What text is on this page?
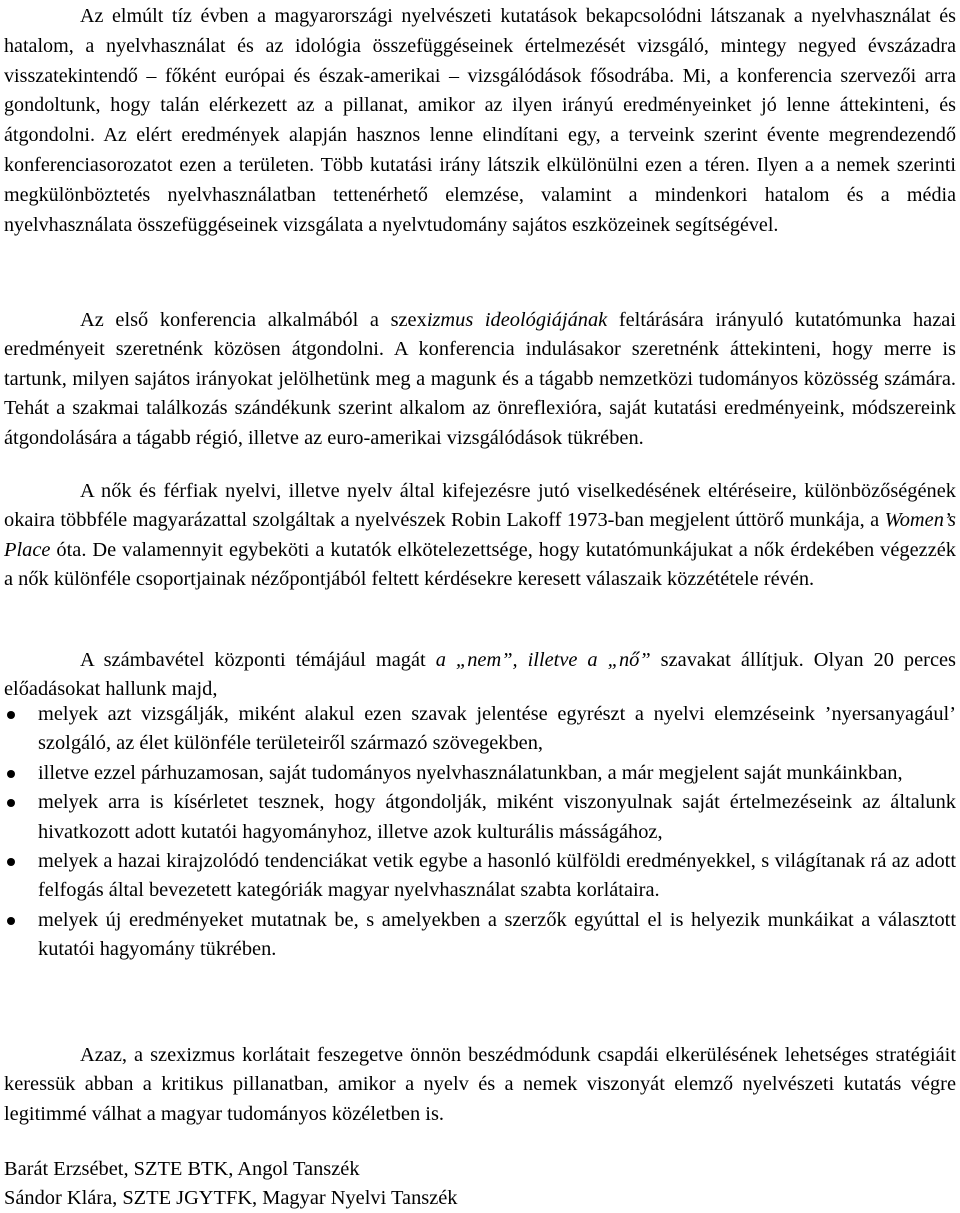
Az elmúlt tíz évben a magyarországi nyelvészeti kutatások bekapcsolódni látszanak a nyelvhasználat és hatalom, a nyelvhasználat és az idológia összefüggéseinek értelmezését vizsgáló, mintegy negyed évszázadra visszatekintendő – főként európai és észak-amerikai – vizsgálódások fősodrába. Mi, a konferencia szervezői arra gondoltunk, hogy talán elérkezett az a pillanat, amikor az ilyen irányú eredményeinket jó lenne áttekinteni, és átgondolni. Az elért eredmények alapján hasznos lenne elindítani egy, a terveink szerint évente megrendezendő konferenciasorozatot ezen a területen. Több kutatási irány látszik elkülönülni ezen a téren. Ilyen a a nemek szerinti megkülönböztetés nyelvhasználatban tettenérhető elemzése, valamint a mindenkori hatalom és a média nyelvhasználata összefüggéseinek vizsgálata a nyelvtudomány sajátos eszközeinek segítségével.

Az első konferencia alkalmából a szexizmus ideológiájának feltárására irányuló kutatómunka hazai eredményeit szeretnénk közösen átgondolni. A konferencia indulásakor szeretnénk áttekinteni, hogy merre is tartunk, milyen sajátos irányokat jelölhetünk meg a magunk és a tágabb nemzetközi tudományos közösség számára. Tehát a szakmai találkozás szándékunk szerint alkalom az önreflexióra, saját kutatási eredményeink, módszereink átgondolására a tágabb régió, illetve az euro-amerikai vizsgálódások tükrében.

A nők és férfiak nyelvi, illetve nyelv által kifejezésre jutó viselkedésének eltéréseire, különbözőségének okaira többféle magyarázattal szolgáltak a nyelvészek Robin Lakoff 1973-ban megjelent úttörő munkája, a Women’s Place óta. De valamennyit egybeköti a kutatók elkötelezettsége, hogy kutatómunkájukat a nők érdekében végezzék a nők különféle csoportjainak nézőpontjából feltett kérdésekre keresett válaszaik közzététele révén.

A számbavétel központi témájául magát a „nem”, illetve a „nő” szavakat állítjuk. Olyan 20 perces előadásokat hallunk majd,

melyek azt vizsgálják, miként alakul ezen szavak jelentése egyrészt a nyelvi elemzéseink ’nyersanyagául’ szolgáló, az élet különféle területeiről származó szövegekben,
illetve ezzel párhuzamosan, saját tudományos nyelvhasználatunkban, a már megjelent saját munkáinkban,
melyek arra is kísérletet tesznek, hogy átgondolják, miként viszonyulnak saját értelmezéseink az általunk hivatkozott adott kutatói hagyományhoz, illetve azok kulturális másságához,
melyek a hazai kirajzolódó tendenciákat vetik egybe a hasonló külföldi eredményekkel, s világítanak rá az adott felfogás által bevezetett kategóriák magyar nyelvhasználat szabta korlátaira.
melyek új eredményeket mutatnak be, s amelyekben a szerzők egyúttal el is helyezik munkáikat a választott kutatói hagyomány tükrében.

Azaz, a szexizmus korlátait feszegetve önnön beszédmódunk csapdái elkerülésének lehetséges stratégiáit keressük abban a kritikus pillanatban, amikor a nyelv és a nemek viszonyát elemző nyelvészeti kutatás végre legitimmé válhat a magyar tudományos közéletben is.

Barát Erzsébet, SZTE BTK, Angol Tanszék

Sándor Klára, SZTE JGYTFK, Magyar Nyelvi Tanszék
